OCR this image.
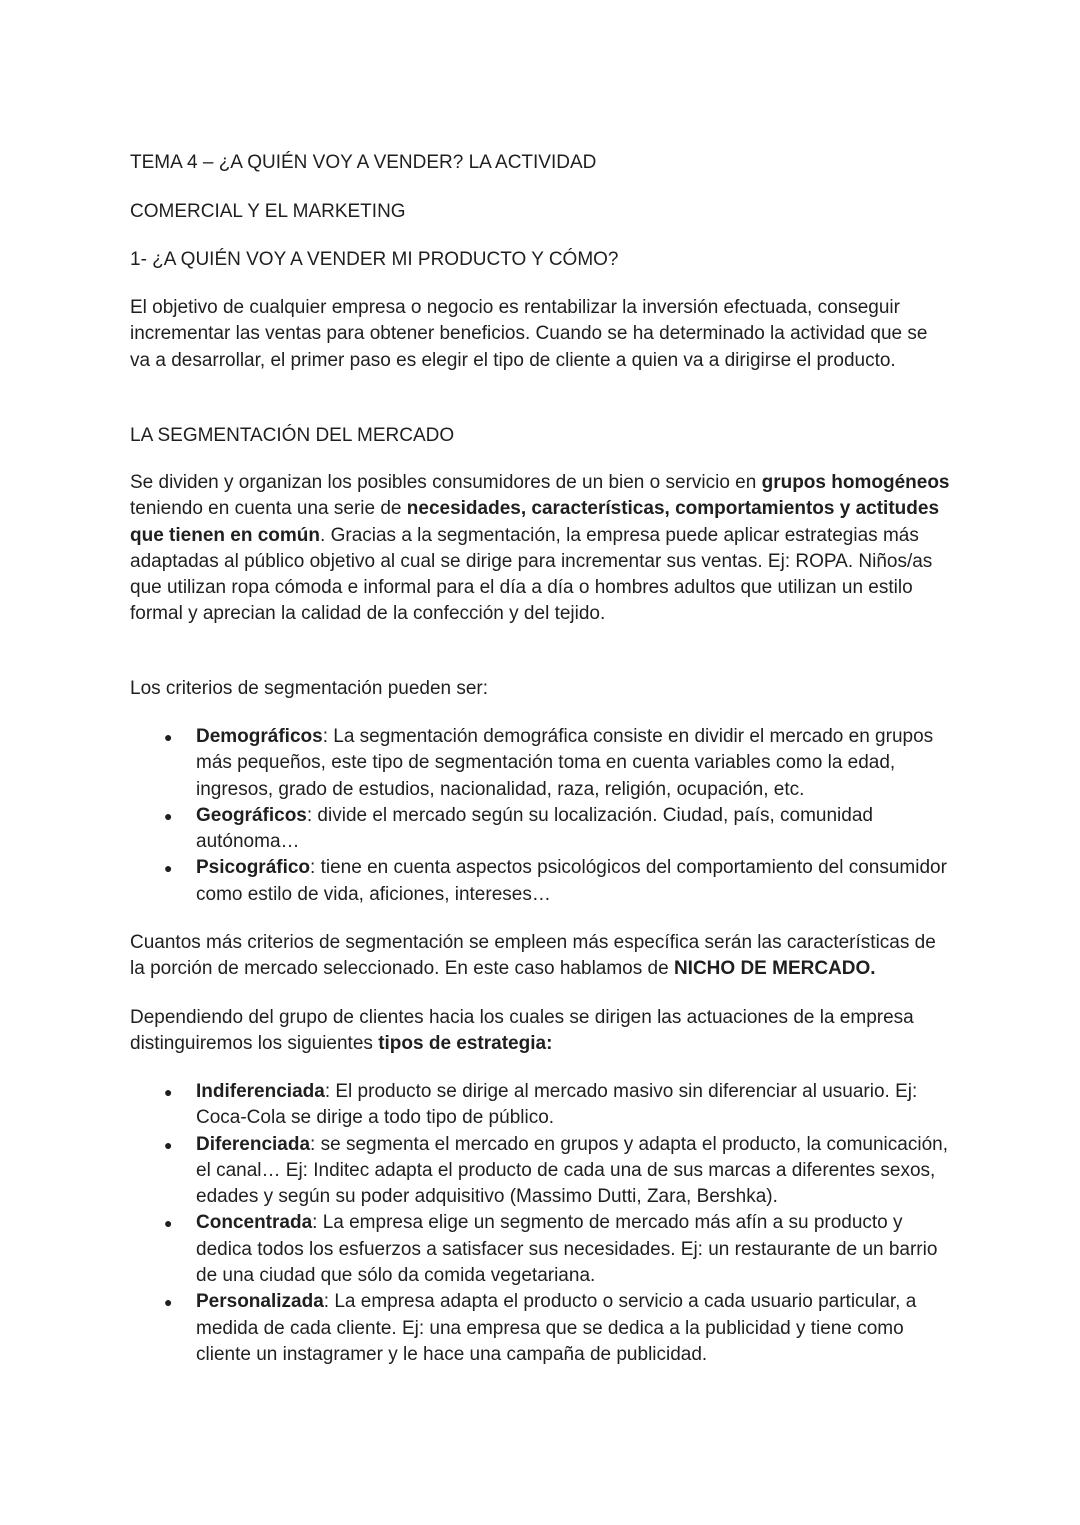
TEMA 4 – ¿A QUIÉN VOY A VENDER? LA ACTIVIDAD
COMERCIAL Y EL MARKETING
1- ¿A QUIÉN VOY A VENDER MI PRODUCTO Y CÓMO?

El objetivo de cualquier empresa o negocio es rentabilizar la inversión efectuada, conseguir incrementar las ventas para obtener beneficios. Cuando se ha determinado la actividad que se va a desarrollar, el primer paso es elegir el tipo de cliente a quien va a dirigirse el producto.

LA SEGMENTACIÓN DEL MERCADO

Se dividen y organizan los posibles consumidores de un bien o servicio en grupos homogéneos teniendo en cuenta una serie de necesidades, características, comportamientos y actitudes que tienen en común. Gracias a la segmentación, la empresa puede aplicar estrategias más adaptadas al público objetivo al cual se dirige para incrementar sus ventas. Ej: ROPA. Niños/as que utilizan ropa cómoda e informal para el día a día o hombres adultos que utilizan un estilo formal y aprecian la calidad de la confección y del tejido.

Los criterios de segmentación pueden ser:

● Demográficos: La segmentación demográfica consiste en dividir el mercado en grupos más pequeños, este tipo de segmentación toma en cuenta variables como la edad, ingresos, grado de estudios, nacionalidad, raza, religión, ocupación, etc.
● Geográficos: divide el mercado según su localización. Ciudad, país, comunidad autónoma…
● Psicográfico: tiene en cuenta aspectos psicológicos del comportamiento del consumidor como estilo de vida, aficiones, intereses…

Cuantos más criterios de segmentación se empleen más específica serán las características de la porción de mercado seleccionado. En este caso hablamos de NICHO DE MERCADO.

Dependiendo del grupo de clientes hacia los cuales se dirigen las actuaciones de la empresa distinguiremos los siguientes tipos de estrategia:

● Indiferenciada: El producto se dirige al mercado masivo sin diferenciar al usuario. Ej: Coca-Cola se dirige a todo tipo de público.
● Diferenciada: se segmenta el mercado en grupos y adapta el producto, la comunicación, el canal… Ej: Inditec adapta el producto de cada una de sus marcas a diferentes sexos, edades y según su poder adquisitivo (Massimo Dutti, Zara, Bershka).
● Concentrada: La empresa elige un segmento de mercado más afín a su producto y dedica todos los esfuerzos a satisfacer sus necesidades. Ej: un restaurante de un barrio de una ciudad que sólo da comida vegetariana.
● Personalizada: La empresa adapta el producto o servicio a cada usuario particular, a medida de cada cliente. Ej: una empresa que se dedica a la publicidad y tiene como cliente un instagramer y le hace una campaña de publicidad.
